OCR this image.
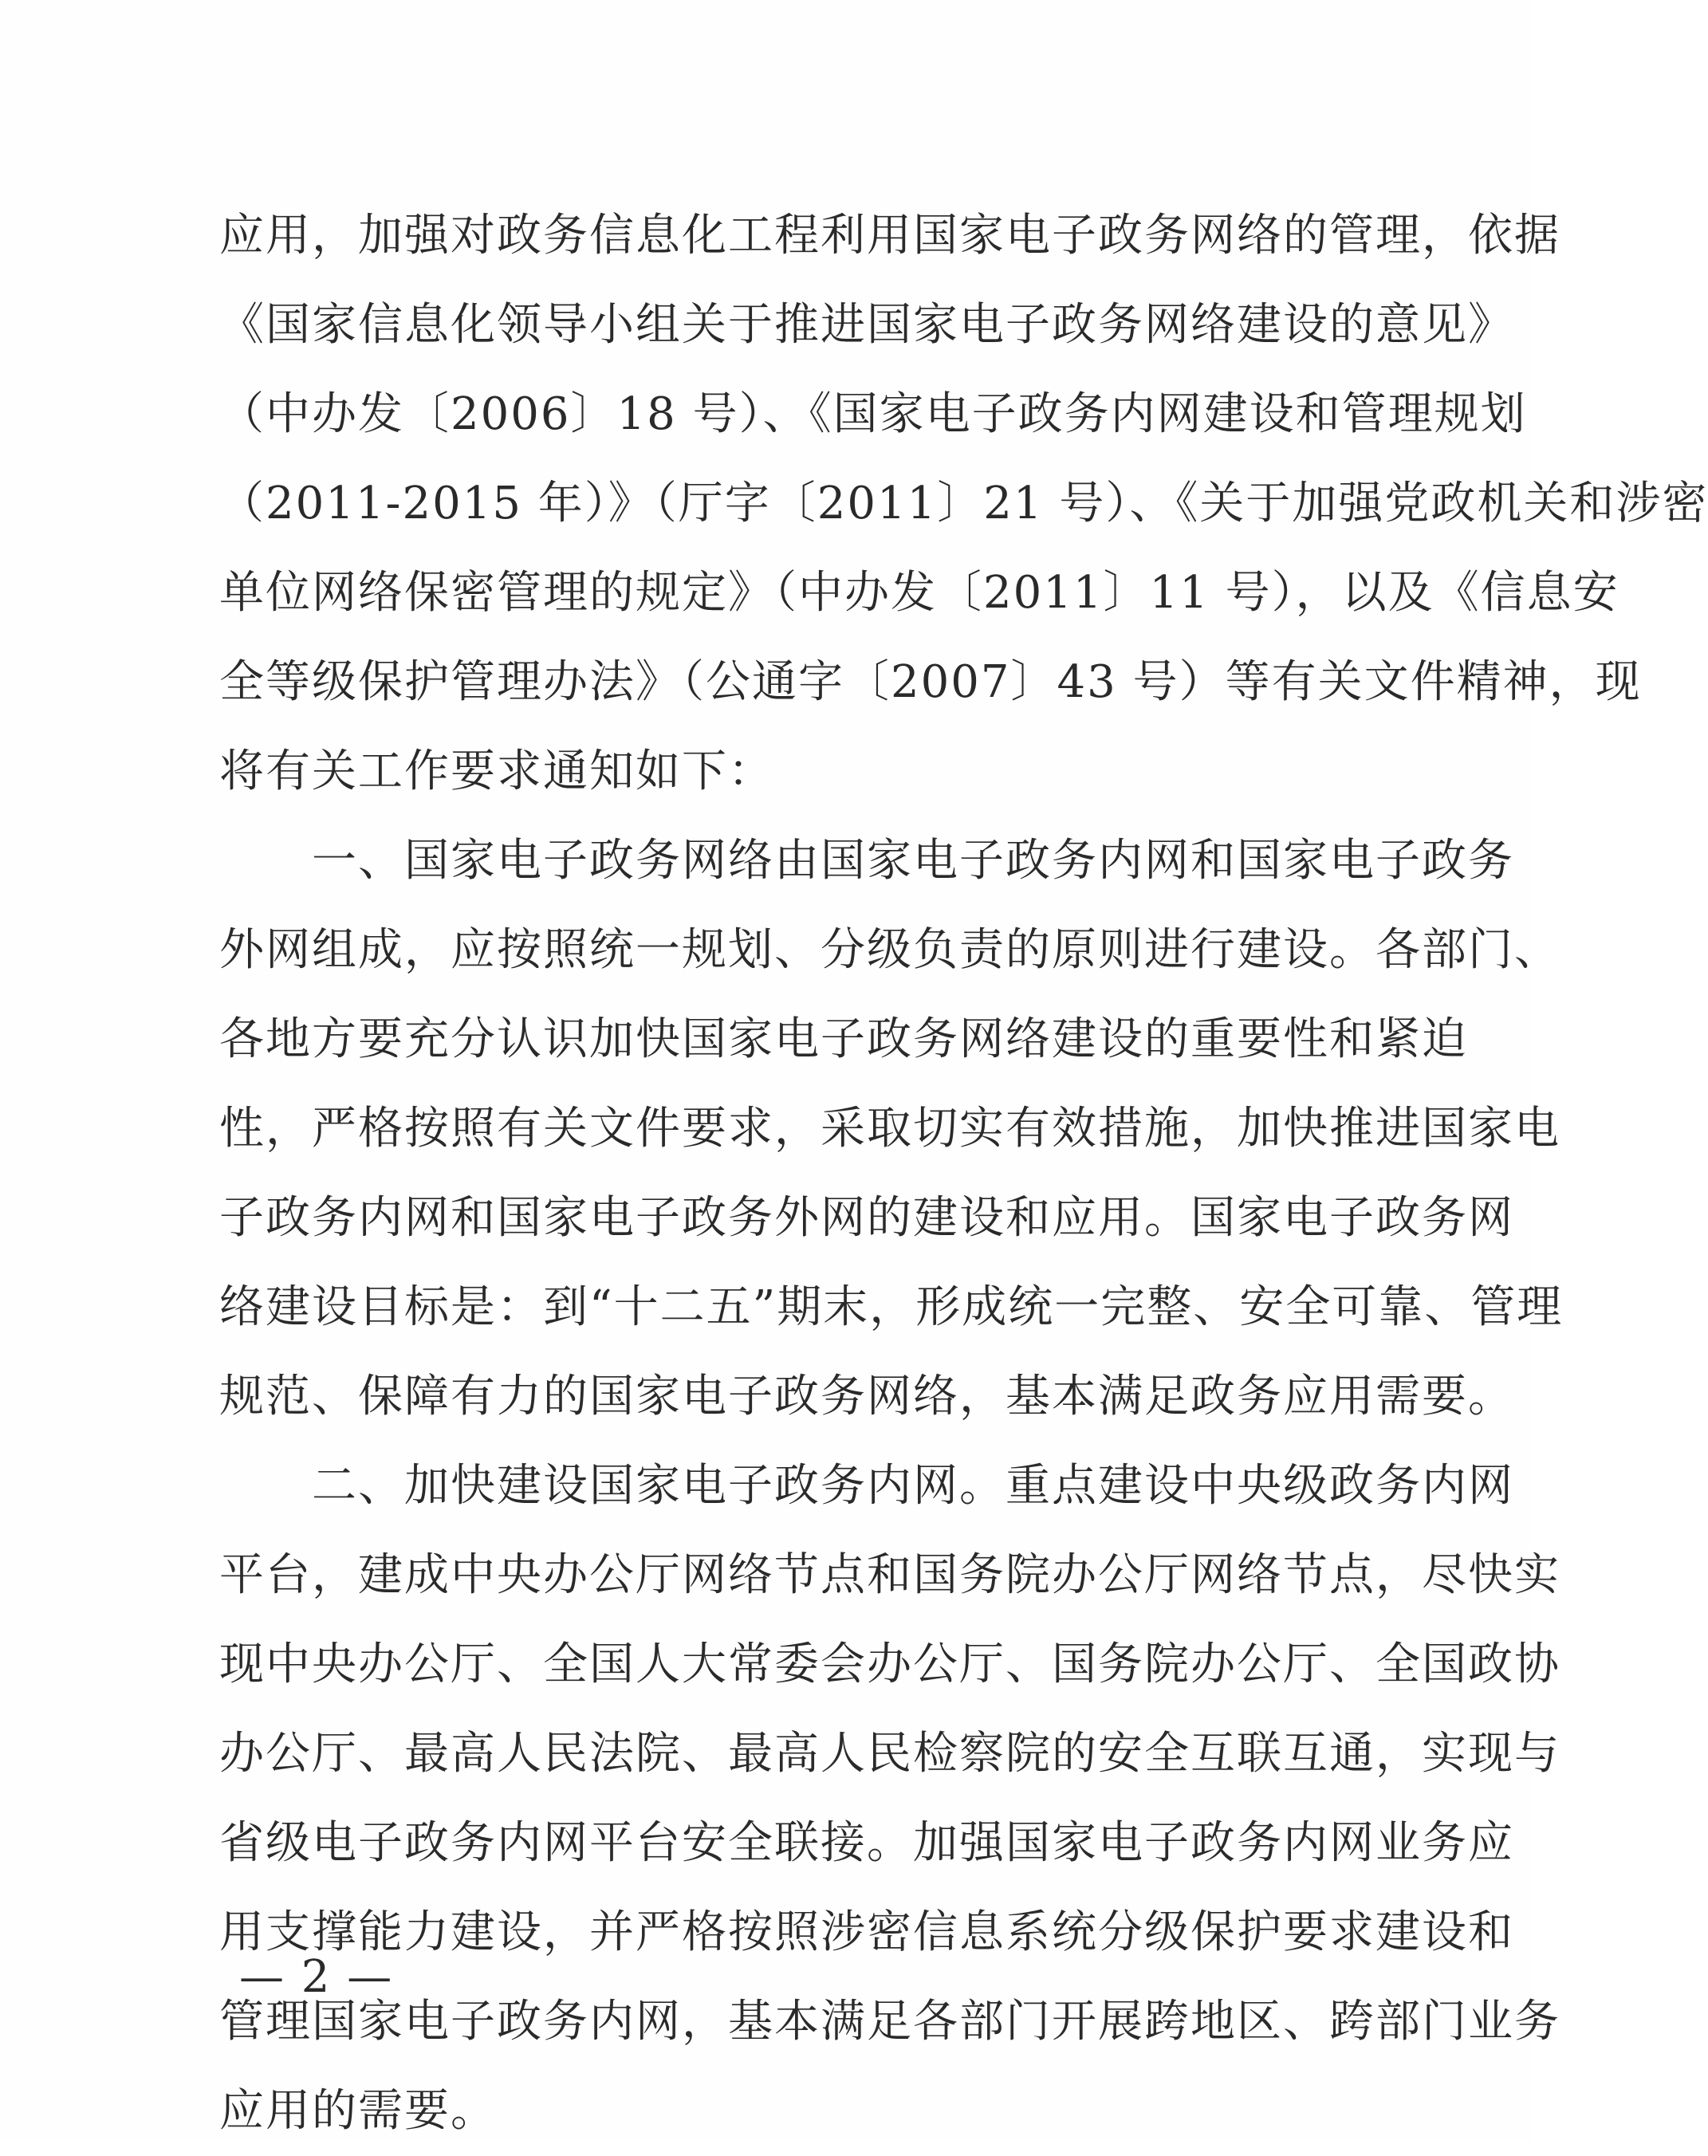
应用，加强对政务信息化工程利用国家电子政务网络的管理，依据
《国家信息化领导小组关于推进国家电子政务网络建设的意见》
（中办发〔2006〕18 号）、《国家电子政务内网建设和管理规划
（2011-2015 年）》（厅字〔2011〕21 号）、《关于加强党政机关和涉密
单位网络保密管理的规定》（中办发〔2011〕11 号），以及《信息安
全等级保护管理办法》（公通字〔2007〕43 号）等有关文件精神，现
将有关工作要求通知如下：
　　一、国家电子政务网络由国家电子政务内网和国家电子政务
外网组成，应按照统一规划、分级负责的原则进行建设。各部门、
各地方要充分认识加快国家电子政务网络建设的重要性和紧迫
性，严格按照有关文件要求，采取切实有效措施，加快推进国家电
子政务内网和国家电子政务外网的建设和应用。国家电子政务网
络建设目标是：到“十二五”期末，形成统一完整、安全可靠、管理
规范、保障有力的国家电子政务网络，基本满足政务应用需要。
　　二、加快建设国家电子政务内网。重点建设中央级政务内网
平台，建成中央办公厅网络节点和国务院办公厅网络节点，尽快实
现中央办公厅、全国人大常委会办公厅、国务院办公厅、全国政协
办公厅、最高人民法院、最高人民检察院的安全互联互通，实现与
省级电子政务内网平台安全联接。加强国家电子政务内网业务应
用支撑能力建设，并严格按照涉密信息系统分级保护要求建设和
管理国家电子政务内网，基本满足各部门开展跨地区、跨部门业务
应用的需要。
— 2 —
